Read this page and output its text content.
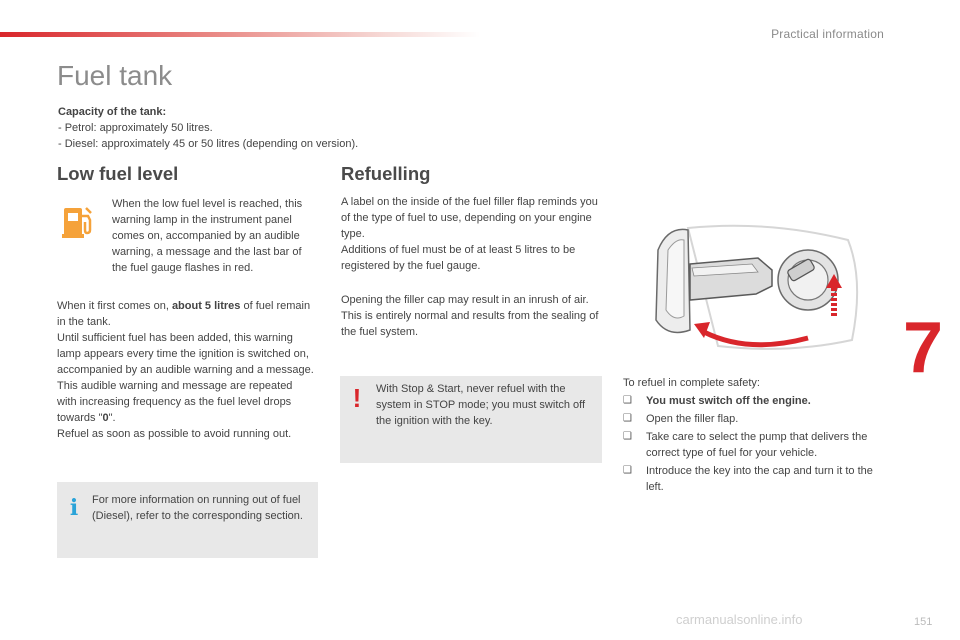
Practical information
Fuel tank
Capacity of the tank:
- Petrol: approximately 50 litres.
- Diesel: approximately 45 or 50 litres (depending on version).
Low fuel level

When the low fuel level is reached, this warning lamp in the instrument panel comes on, accompanied by an audible warning, a message and the last bar of the fuel gauge flashes in red.

When it first comes on, about 5 litres of fuel remain in the tank.

Until sufficient fuel has been added, this warning lamp appears every time the ignition is switched on, accompanied by an audible warning and a message. This audible warning and message are repeated with increasing frequency as the fuel level drops towards "0".

Refuel as soon as possible to avoid running out.

i	For more information on running out of fuel (Diesel), refer to the corresponding section.

Refuelling

A label on the inside of the fuel filler flap reminds you of the type of fuel to use, depending on your engine type.

Additions of fuel must be of at least 5 litres to be registered by the fuel gauge.

Opening the filler cap may result in an inrush of air. This is entirely normal and results from the sealing of the fuel system.

!	With Stop & Start, never refuel with the system in STOP mode; you must switch off the ignition with the key.

7

To refuel in complete safety:

❑ You must switch off the engine.
❑ Open the filler flap.
❑ Take care to select the pump that delivers the correct type of fuel for your vehicle.
❑ Introduce the key into the cap and turn it to the left.
carmanualsonline.info	151
